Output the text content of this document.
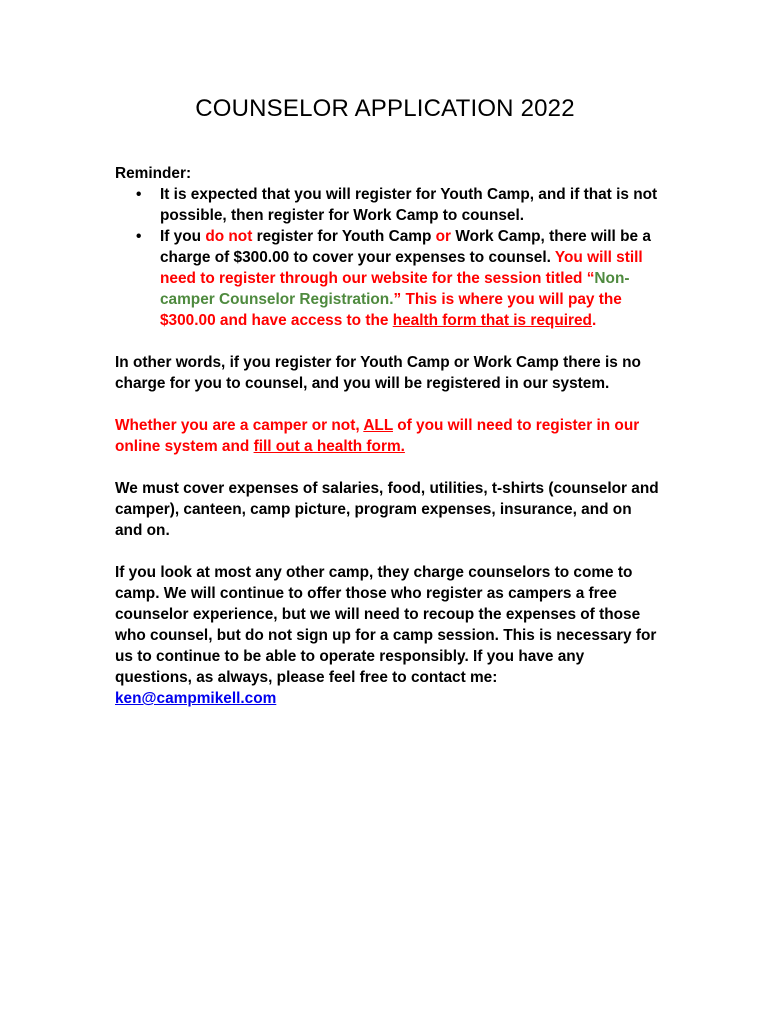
COUNSELOR APPLICATION 2022

Reminder:

• It is expected that you will register for Youth Camp, and if that is not possible, then register for Work Camp to counsel.
• If you do not register for Youth Camp or Work Camp, there will be a charge of $300.00 to cover your expenses to counsel. You will still need to register through our website for the session titled “Non-camper Counselor Registration.” This is where you will pay the $300.00 and have access to the health form that is required.

In other words, if you register for Youth Camp or Work Camp there is no charge for you to counsel, and you will be registered in our system.

Whether you are a camper or not, ALL of you will need to register in our online system and fill out a health form.

We must cover expenses of salaries, food, utilities, t-shirts (counselor and camper), canteen, camp picture, program expenses, insurance, and on and on.

If you look at most any other camp, they charge counselors to come to camp. We will continue to offer those who register as campers a free counselor experience, but we will need to recoup the expenses of those who counsel, but do not sign up for a camp session. This is necessary for us to continue to be able to operate responsibly. If you have any questions, as always, please feel free to contact me: ken@campmikell.com
